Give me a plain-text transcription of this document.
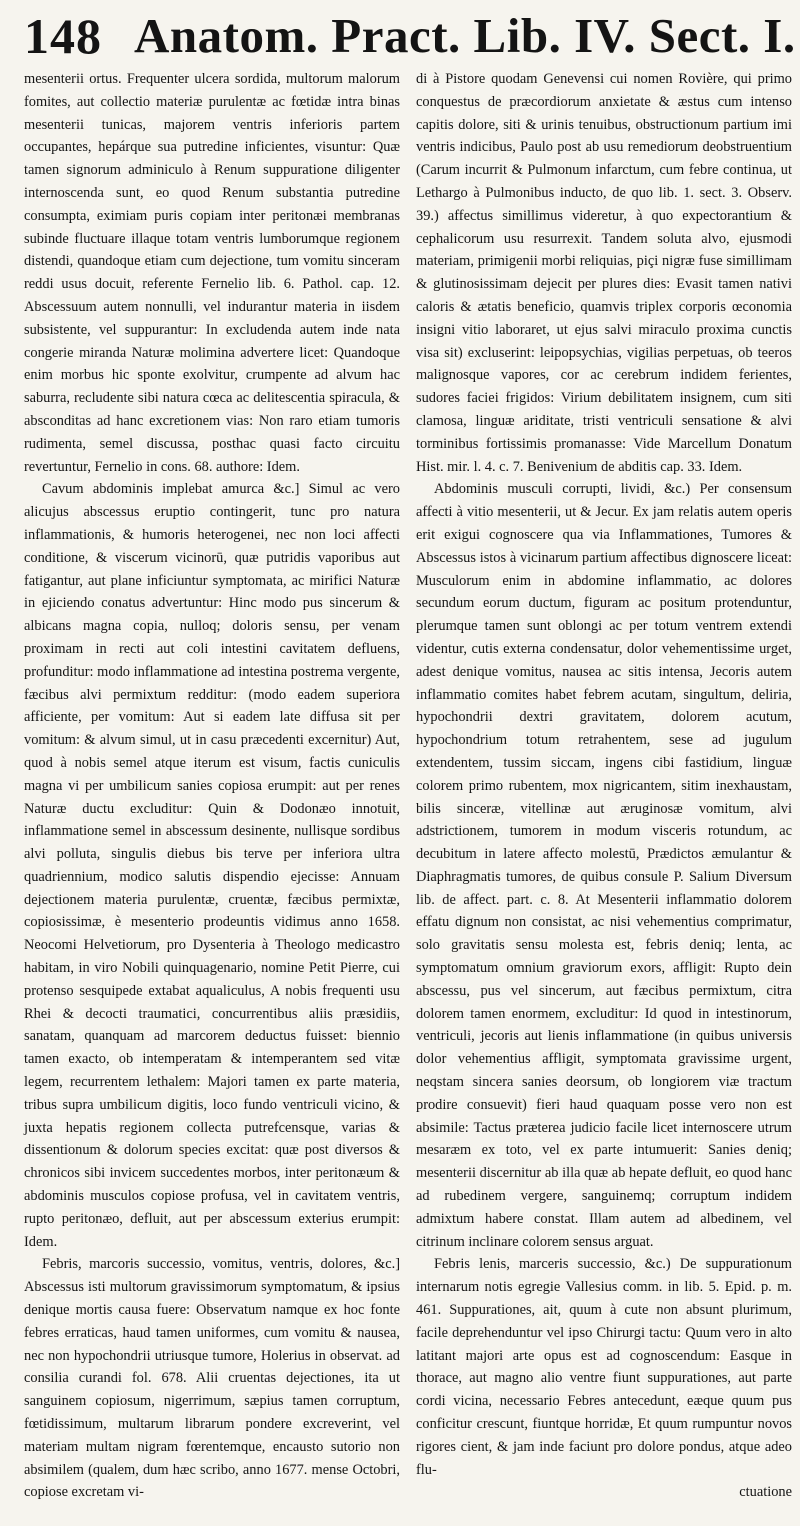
148 Anatom. Pract. Lib. IV. Sect. I.

mesenterii ortus. Frequenter ulcera sordida, multorum malorum fomites, aut collectio materiæ purulentæ ac fœtidæ intra binas mesenterii tunicas, majorem ventris inferioris partem occupantes, hepárque sua putredine inficientes, visuntur: Quæ tamen signorum adminiculo à Renum suppuratione diligenter internoscenda sunt, eo quod Renum substantia putredine consumpta, eximiam puris copiam inter peritonæi membranas subinde fluctuare illaque totam ventris lumborumque regionem distendi, quandoque etiam cum dejectione, tum vomitu sinceram reddi usus docuit, referente Fernelio lib. 6. Pathol. cap. 12. Abscessuum autem nonnulli, vel indurantur materia in iisdem subsistente, vel suppurantur: In excludenda autem inde nata congerie miranda Naturæ molimina advertere licet: Quandoque enim morbus hic sponte exolvitur, crumpente ad alvum hac saburra, recludente sibi natura cœca ac delitescentia spiracula, & absconditas ad hanc excretionem vias: Non raro etiam tumoris rudimenta, semel discussa, posthac quasi facto circuitu revertuntur, Fernelio in cons. 68. authore: Idem.

Cavum abdominis implebat amurca &c.] Simul ac vero alicujus abscessus eruptio contingerit, tunc pro natura inflammationis, & humoris heterogenei, nec non loci affecti conditione, & viscerum vicinorū, quæ putridis vaporibus aut fatigantur, aut plane inficiuntur symptomata, ac mirifici Naturæ in ejiciendo conatus advertuntur: Hinc modo pus sincerum & albicans magna copia, nulloq; doloris sensu, per venam proximam in recti aut coli intestini cavitatem defluens, profunditur: modo inflammatione ad intestina postrema vergente, fæcibus alvi permixtum redditur: (modo eadem superiora afficiente, per vomitum: Aut si eadem late diffusa sit per vomitum: & alvum simul, ut in casu præcedenti excernitur) Aut, quod à nobis semel atque iterum est visum, factis cuniculis magna vi per umbilicum sanies copiosa erumpit: aut per renes Naturæ ductu excluditur: Quin & Dodonæo innotuit, inflammatione semel in abscessum desinente, nullisque sordibus alvi polluta, singulis diebus bis terve per inferiora ultra quadriennium, modico salutis dispendio ejecisse: Annuam dejectionem materia purulentæ, cruentæ, fæcibus permixtæ, copiosissimæ, è mesenterio prodeuntis vidimus anno 1658. Neocomi Helvetiorum, pro Dysenteria à Theologo medicastro habitam, in viro Nobili quinquagenario, nomine Petit Pierre, cui protenso sesquipede extabat aqualiculus, A nobis frequenti usu Rhei & decocti traumatici, concurrentibus aliis præsidiis, sanatam, quanquam ad marcorem deductus fuisset: biennio tamen exacto, ob intemperatam & intemperantem sed vitæ legem, recurrentem lethalem: Majori tamen ex parte materia, tribus supra umbilicum digitis, loco fundo ventriculi vicino, & juxta hepatis regionem collecta putrefcensque, varias & dissentionum & dolorum species excitat: quæ post diversos & chronicos sibi invicem succedentes morbos, inter peritonæum & abdominis musculos copiose profusa, vel in cavitatem ventris, rupto peritonæo, defluit, aut per abscessum exterius erumpit: Idem.

Febris, marcoris successio, vomitus, ventris, dolores, &c.] Abscessus isti multorum gravissimorum symptomatum, & ipsius denique mortis causa fuere: Observatum namque ex hoc fonte febres erraticas, haud tamen uniformes, cum vomitu & nausea, nec non hypochondrii utriusque tumore, Holerius in observat. ad consilia curandi fol. 678. Alii cruentas dejectiones, ita ut sanguinem copiosum, nigerrimum, sæpius tamen corruptum, fœtidissimum, multarum librarum pondere excreverint, vel materiam multam nigram fœrentemque, encausto sutorio non absimilem (qualem, dum hæc scribo, anno 1677. mense Octobri, copiose excretam vi-

di à Pistore quodam Genevensi cui nomen Rovière, qui primo conquestus de præcordiorum anxietate & æstus cum intenso capitis dolore, siti & urinis tenuibus, obstructionum partium imi ventris indicibus, Paulo post ab usu remediorum deobstruentium (Carum incurrit & Pulmonum infarctum, cum febre continua, ut Lethargo à Pulmonibus inducto, de quo lib. 1. sect. 3. Observ. 39.) affectus simillimus videretur, à quo expectorantium & cephalicorum usu resurrexit. Tandem soluta alvo, ejusmodi materiam, primigenii morbi reliquias, piçi nigræ fuse simillimam & glutinosissimam dejecit per plures dies: Evasit tamen nativi caloris & ætatis beneficio, quamvis triplex corporis œconomia insigni vitio laboraret, ut ejus salvi miraculo proxima cunctis visa sit) excluserint: leipopsychias, vigilias perpetuas, ob teeros malignosque vapores, cor ac cerebrum indidem ferientes, sudores faciei frigidos: Virium debilitatem insignem, cum siti clamosa, linguæ ariditate, tristi ventriculi sensatione & alvi torminibus fortissimis promanasse: Vide Marcellum Donatum Hist. mir. l. 4. c. 7. Benivenium de abditis cap. 33. Idem.

Abdominis musculi corrupti, lividi, &c.) Per consensum affecti à vitio mesenterii, ut & Jecur. Ex jam relatis autem operis erit exigui cognoscere qua via Inflammationes, Tumores & Abscessus istos à vicinarum partium affectibus dignoscere liceat: Musculorum enim in abdomine inflammatio, ac dolores secundum eorum ductum, figuram ac positum protenduntur, plerumque tamen sunt oblongi ac per totum ventrem extendi videntur, cutis externa condensatur, dolor vehementissime urget, adest denique vomitus, nausea ac sitis intensa, Jecoris autem inflammatio comites habet febrem acutam, singultum, deliria, hypochondrii dextri gravitatem, dolorem acutum, hypochondrium totum retrahentem, sese ad jugulum extendentem, tussim siccam, ingens cibi fastidium, linguæ colorem primo rubentem, mox nigricantem, sitim inexhaustam, bilis sinceræ, vitellinæ aut æruginosæ vomitum, alvi adstrictionem, tumorem in modum visceris rotundum, ac decubitum in latere affecto molestū, Prædictos æmulantur & Diaphragmatis tumores, de quibus consule P. Salium Diversum lib. de affect. part. c. 8. At Mesenterii inflammatio dolorem effatu dignum non consistat, ac nisi vehementius comprimatur, solo gravitatis sensu molesta est, febris deniq; lenta, ac symptomatum omnium graviorum exors, affligit: Rupto dein abscessu, pus vel sincerum, aut fæcibus permixtum, citra dolorem tamen enormem, excluditur: Id quod in intestinorum, ventriculi, jecoris aut lienis inflammatione (in quibus universis dolor vehementius affligit, symptomata gravissime urgent, neqstam sincera sanies deorsum, ob longiorem viæ tractum prodire consuevit) fieri haud quaquam posse vero non est absimile: Tactus præterea judicio facile licet internoscere utrum mesaræm ex toto, vel ex parte intumuerit: Sanies deniq; mesenterii discernitur ab illa quæ ab hepate defluit, eo quod hanc ad rubedinem vergere, sanguinemq; corruptum indidem admixtum habere constat. Illam autem ad albedinem, vel citrinum inclinare colorem sensus arguat.

Febris lenis, marceris successio, &c.) De suppurationum internarum notis egregie Vallesius comm. in lib. 5. Epid. p. m. 461. Suppurationes, ait, quum à cute non absunt plurimum, facile deprehenduntur vel ipso Chirurgi tactu: Quum vero in alto latitant majori arte opus est ad cognoscendum: Easque in thorace, aut magno alio ventre fiunt suppurationes, aut parte cordi vicina, necessario Febres antecedunt, eæque quum pus conficitur crescunt, fiuntque horridæ, Et quum rumpuntur novos rigores cient, & jam inde faciunt pro dolore pondus, atque adeo flu-

ctuatione
